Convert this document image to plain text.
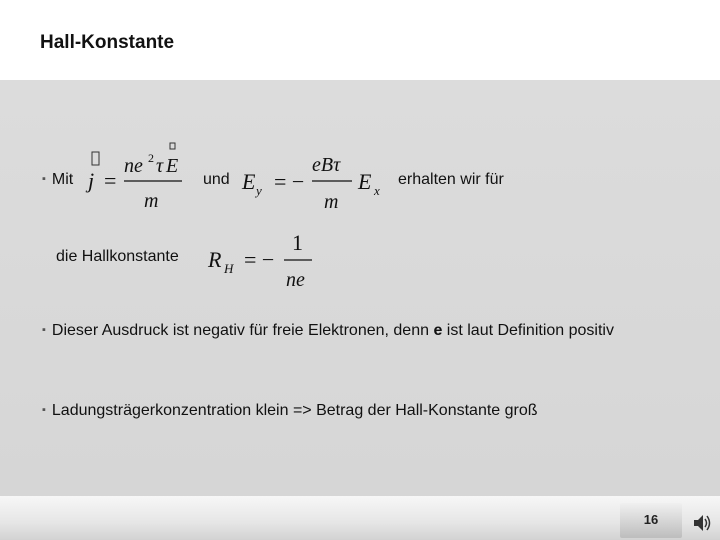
Hall-Konstante
▪ Mit j =
ne 2 τ E
m
und E y = −
eBτ
m
E x
erhalten wir für
die Hallkonstante R H = −
1
ne
▪ Dieser Ausdruck ist negativ für freie Elektronen, denn e ist laut Definition positiv
▪ Ladungsträgerkonzentration klein => Betrag der Hall-Konstante groß
16
